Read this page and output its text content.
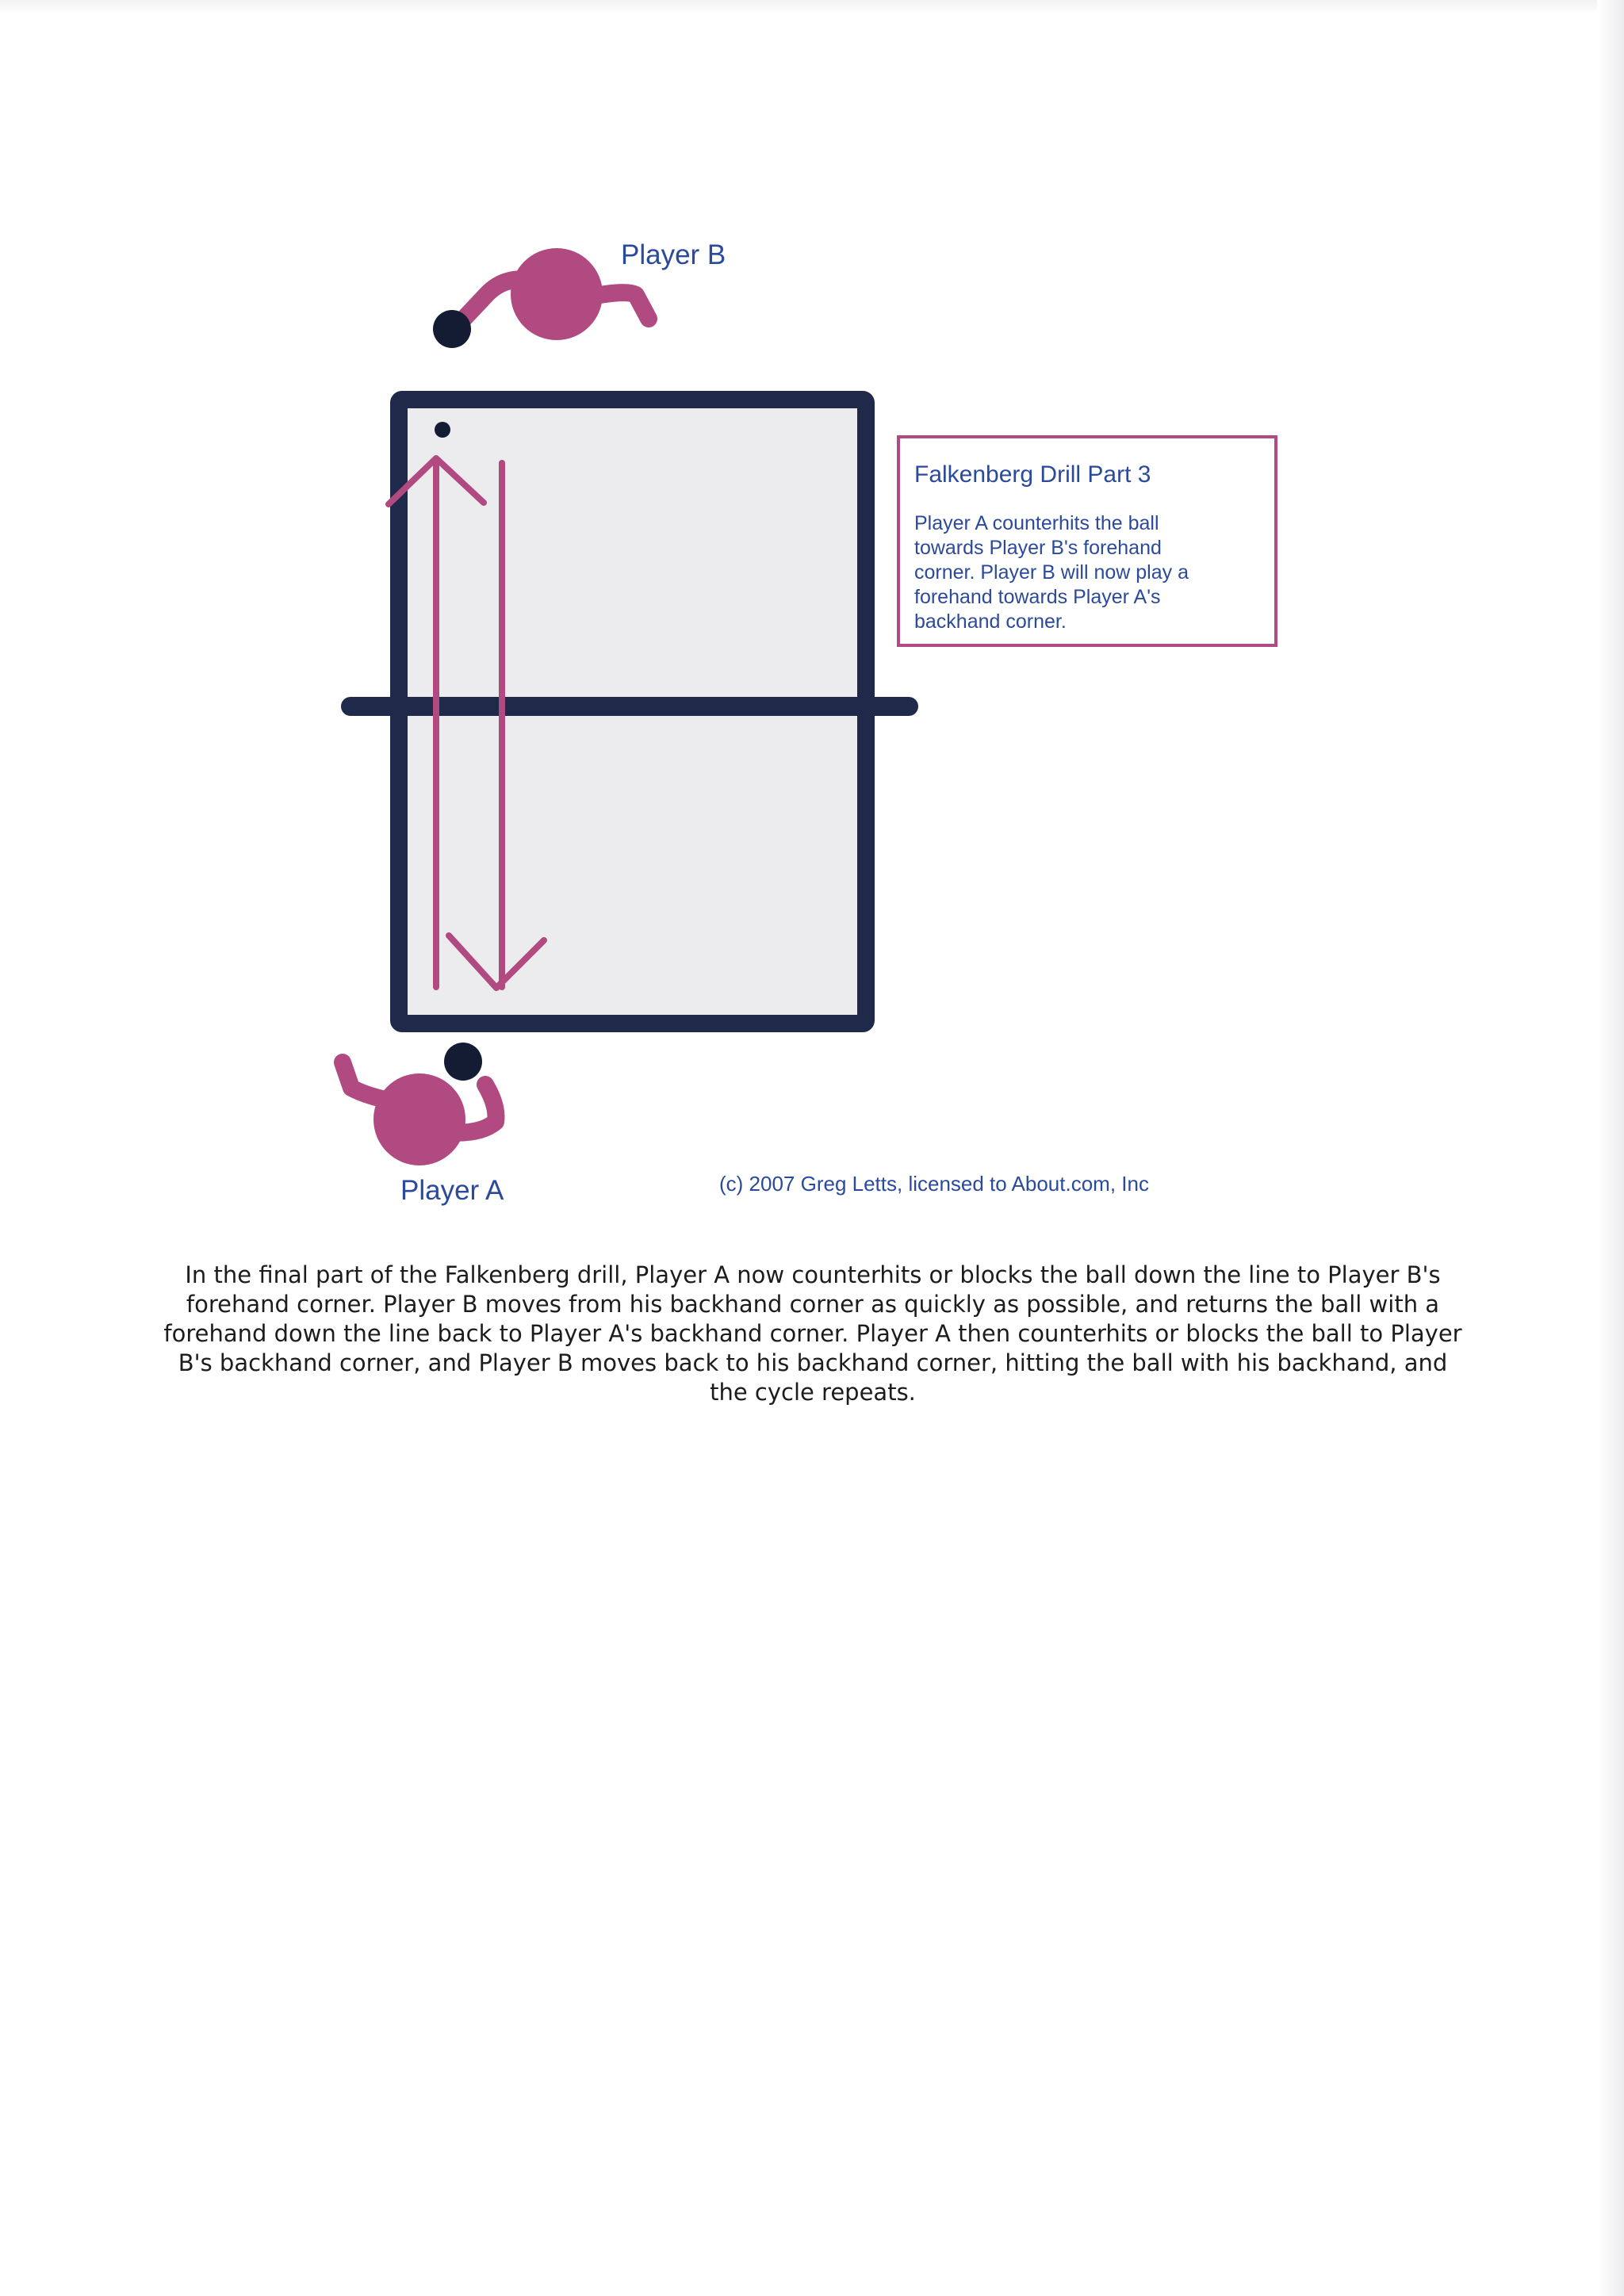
Player B
Player A
Falkenberg Drill Part 3
Player A counterhits the ball
towards Player B's forehand
corner. Player B will now play a
forehand towards Player A's
backhand corner.
(c) 2007 Greg Letts, licensed to About.com, Inc

In the final part of the Falkenberg drill, Player A now counterhits or blocks the ball down the line to Player B's forehand corner. Player B moves from his backhand corner as quickly as possible, and returns the ball with a forehand down the line back to Player A's backhand corner. Player A then counterhits or blocks the ball to Player B's backhand corner, and Player B moves back to his backhand corner, hitting the ball with his backhand, and the cycle repeats.
